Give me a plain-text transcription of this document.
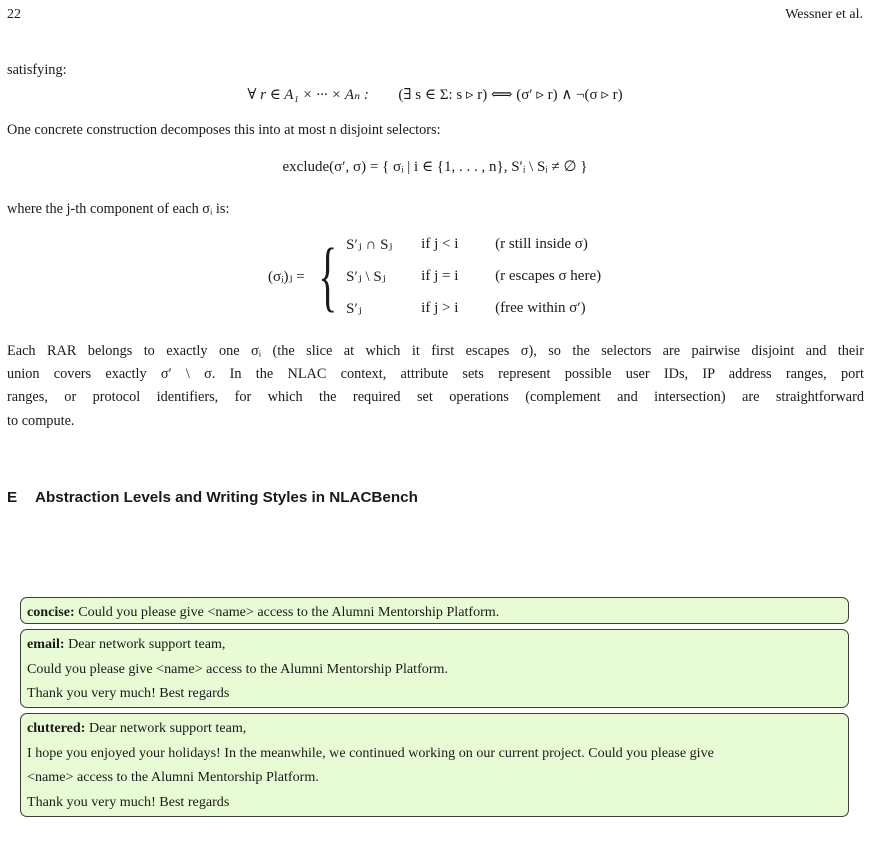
22	Wessner et al.
satisfying:
∀ r ∈ A₁ × ··· × Aₙ : (∃ s ∈ Σ: s ▹ r) ⟺ (σ′ ▹ r) ∧ ¬(σ ▹ r)
One concrete construction decomposes this into at most n disjoint selectors:
exclude(σ′, σ) = { σᵢ | i ∈ {1, . . . , n}, S′ᵢ \ Sᵢ ≠ ∅ }
where the j-th component of each σᵢ is:
(σᵢ)ⱼ =	{	S′ⱼ ∩ Sⱼ	if j < i	(r still inside σ)
		S′ⱼ \ Sⱼ	if j = i	(r escapes σ here)
		S′ⱼ	if j > i	(free within σ′)
Each RAR belongs to exactly one σᵢ (the slice at which it first escapes σ), so the selectors are pairwise disjoint and their
union covers exactly σ′ \ σ. In the NLAC context, attribute sets represent possible user IDs, IP address ranges, port
ranges, or protocol identifiers, for which the required set operations (complement and intersection) are straightforward
to compute.
E Abstraction Levels and Writing Styles in NLACBench
concise: Could you please give <name> access to the Alumni Mentorship Platform.
email: Dear network support team,
Could you please give <name> access to the Alumni Mentorship Platform.
Thank you very much! Best regards
cluttered: Dear network support team,
I hope you enjoyed your holidays! In the meanwhile, we continued working on our current project. Could you please give
<name> access to the Alumni Mentorship Platform.
Thank you very much! Best regards
